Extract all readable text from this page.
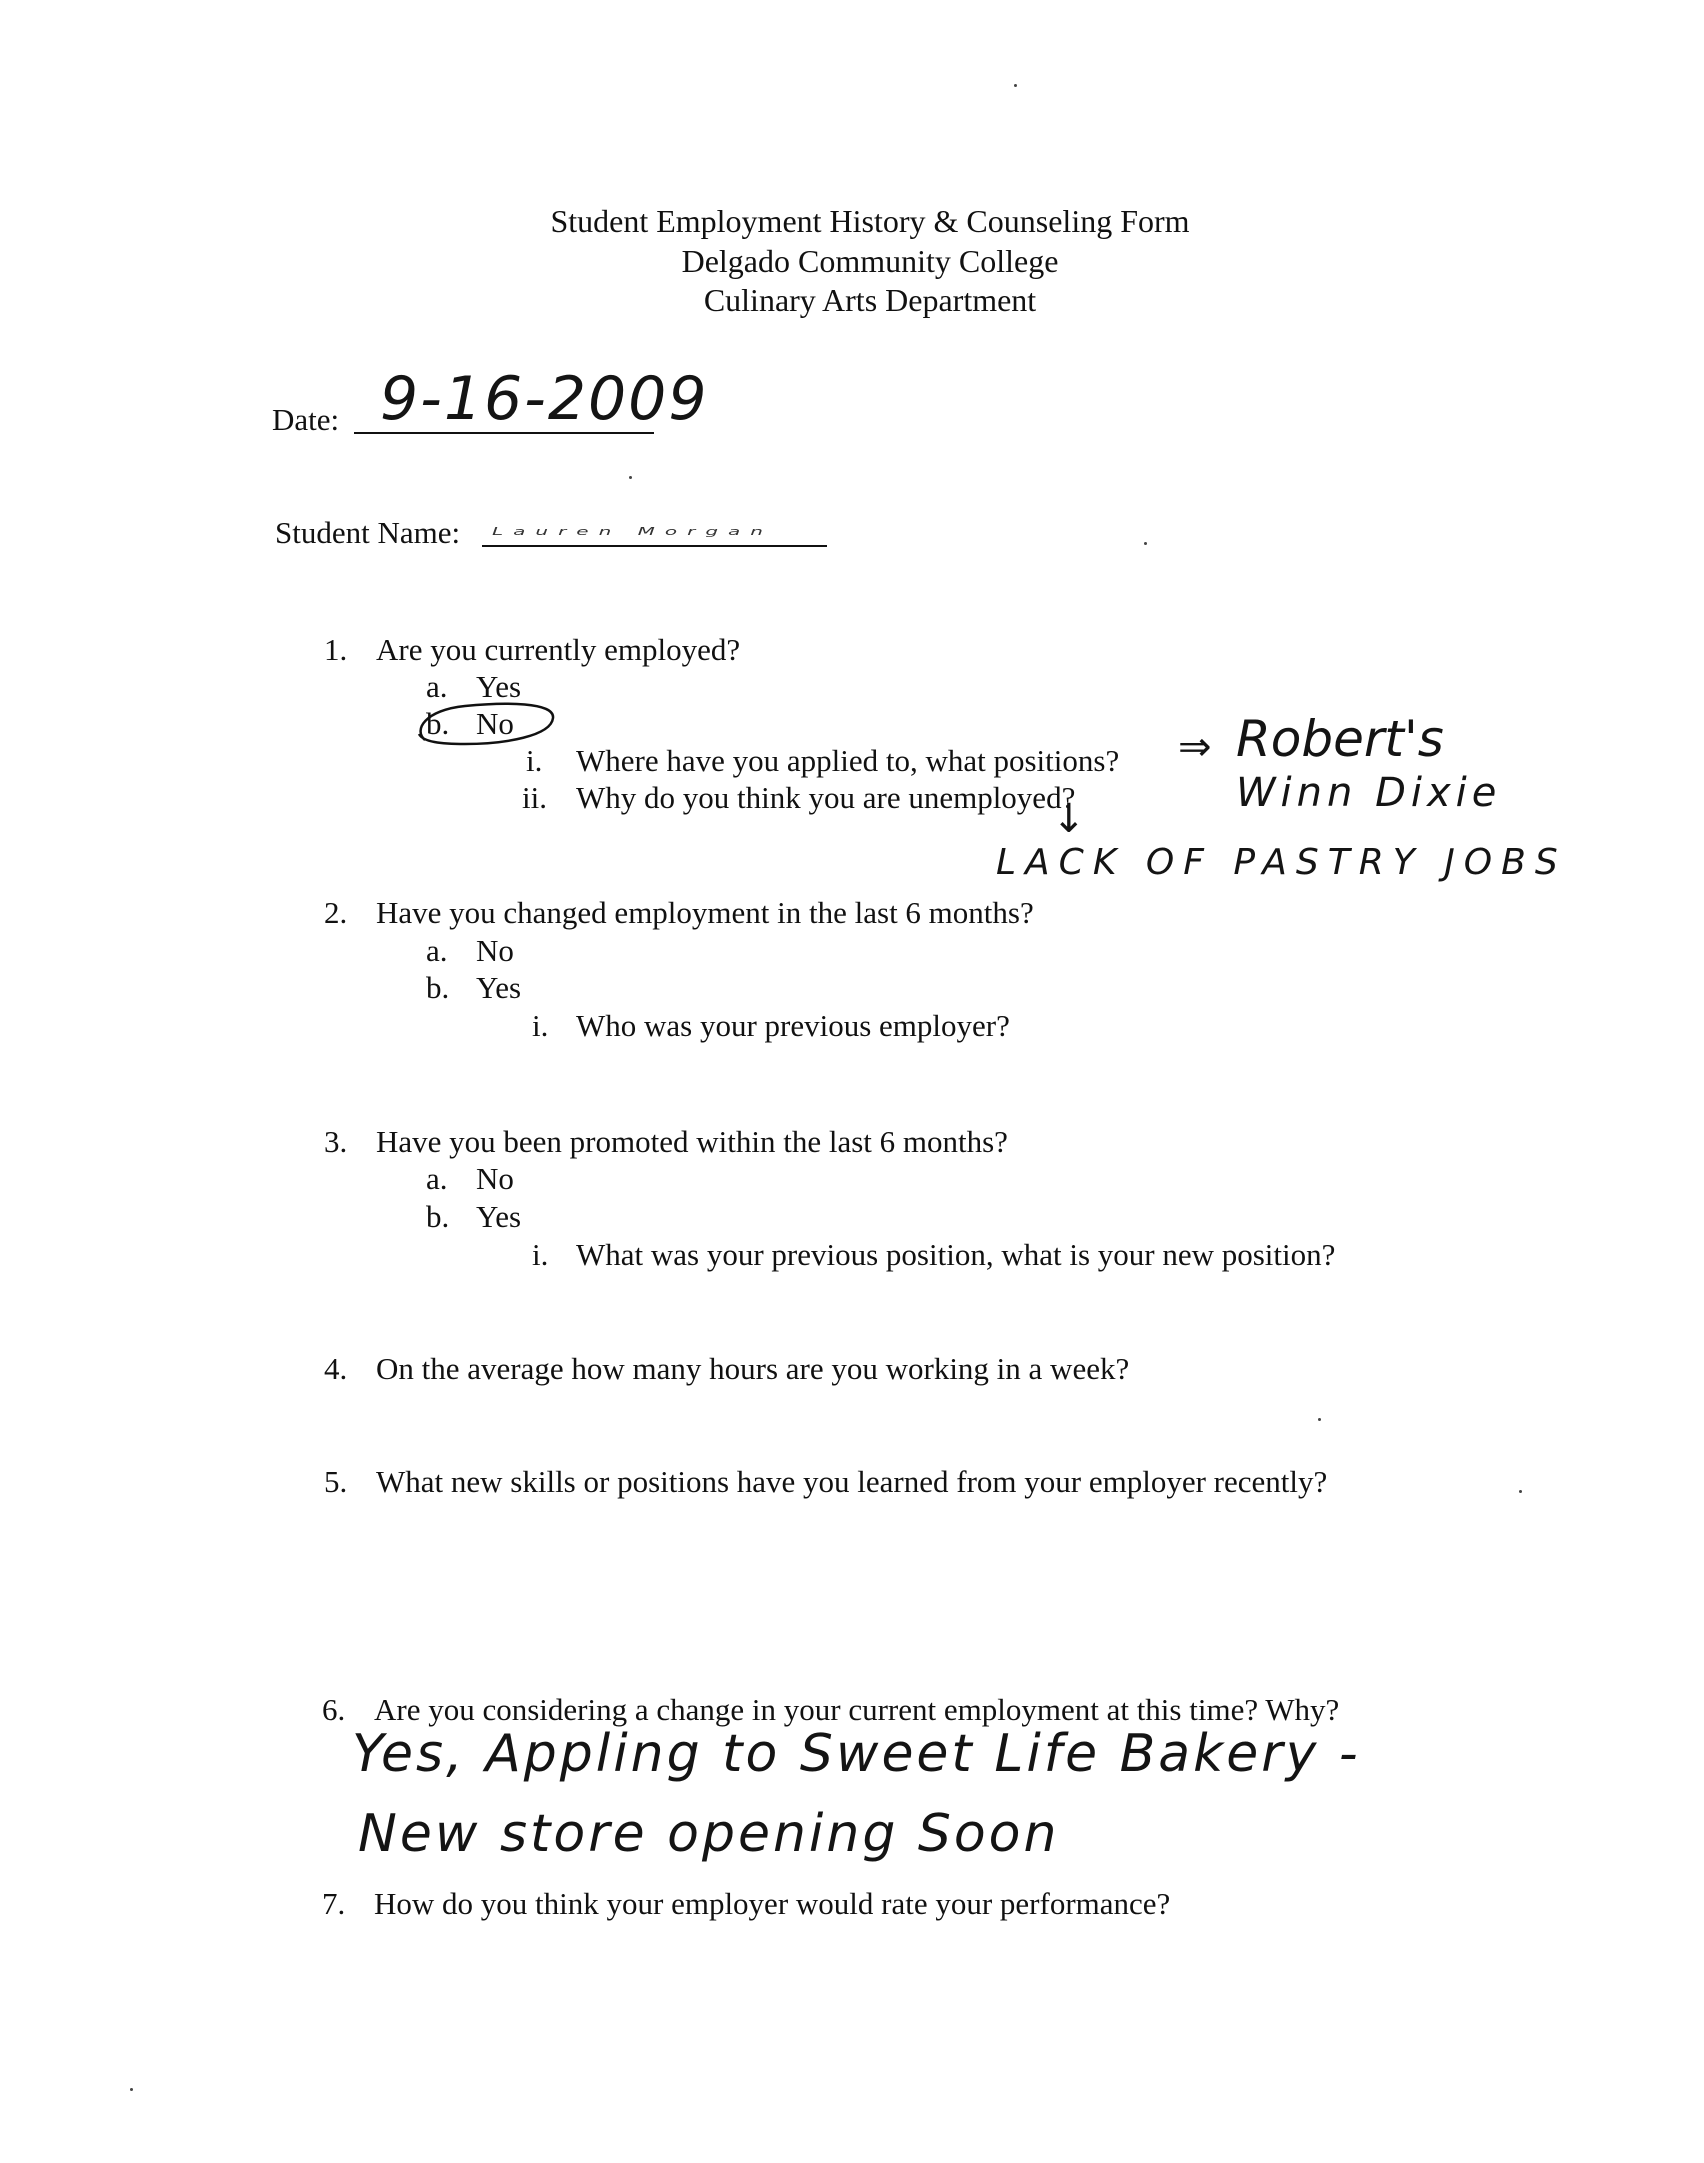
Student Employment History & Counseling Form
Delgado Community College
Culinary Arts Department
Date: 9-16-2009
Student Name: Lauren Morgan
1. Are you currently employed?
a. Yes
b. No
i. Where have you applied to, what positions?
ii. Why do you think you are unemployed?
⇒ Robert's
Winn Dixie
↓
LACK OF PASTRY JOBS
2. Have you changed employment in the last 6 months?
a. No
b. Yes
i. Who was your previous employer?
3. Have you been promoted within the last 6 months?
a. No
b. Yes
i. What was your previous position, what is your new position?
4. On the average how many hours are you working in a week?
5. What new skills or positions have you learned from your employer recently?
6. Are you considering a change in your current employment at this time? Why?
Yes, Appling to Sweet Life Bakery -
New store opening Soon
7. How do you think your employer would rate your performance?
